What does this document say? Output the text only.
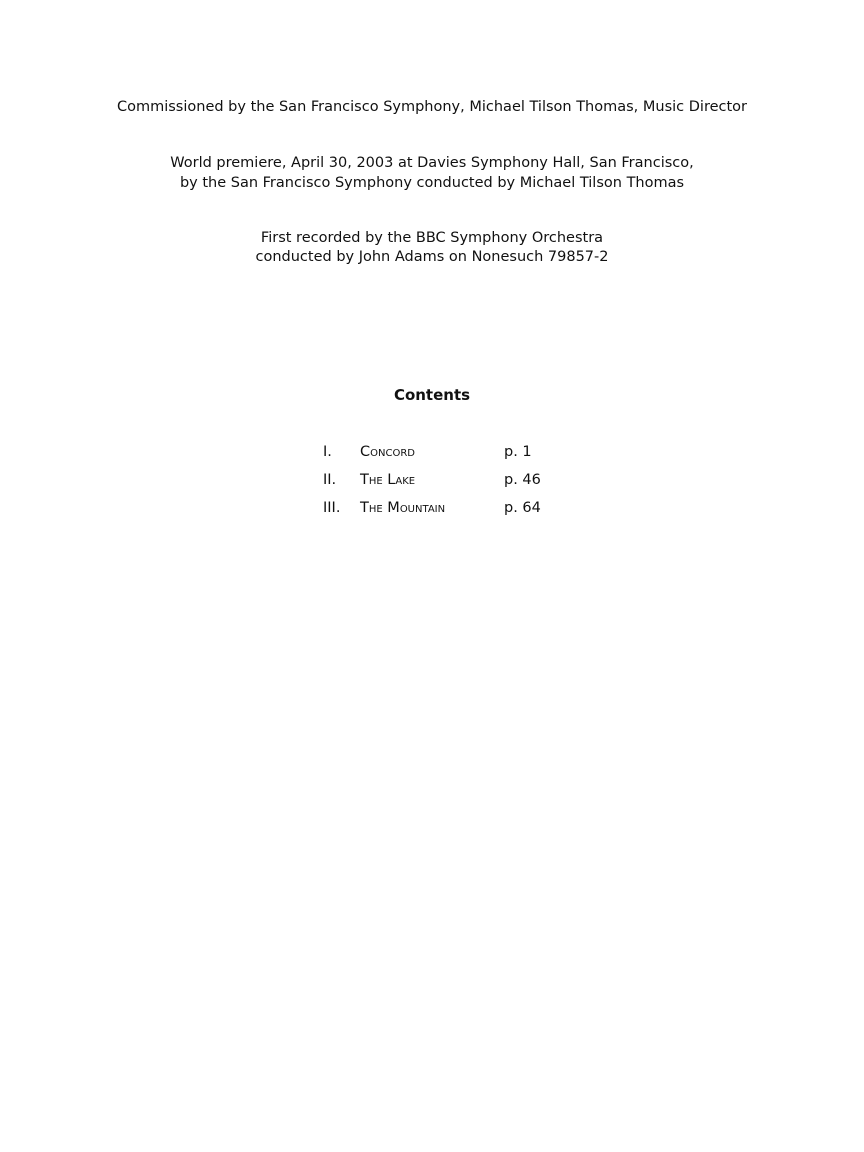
Commissioned by the San Francisco Symphony, Michael Tilson Thomas, Music Director
World premiere, April 30, 2003 at Davies Symphony Hall, San Francisco,
by the San Francisco Symphony conducted by Michael Tilson Thomas
First recorded by the BBC Symphony Orchestra
conducted by John Adams on Nonesuch 79857-2
Contents
I. Concord	p. 1
II. The Lake	p. 46
III. The Mountain	p. 64
